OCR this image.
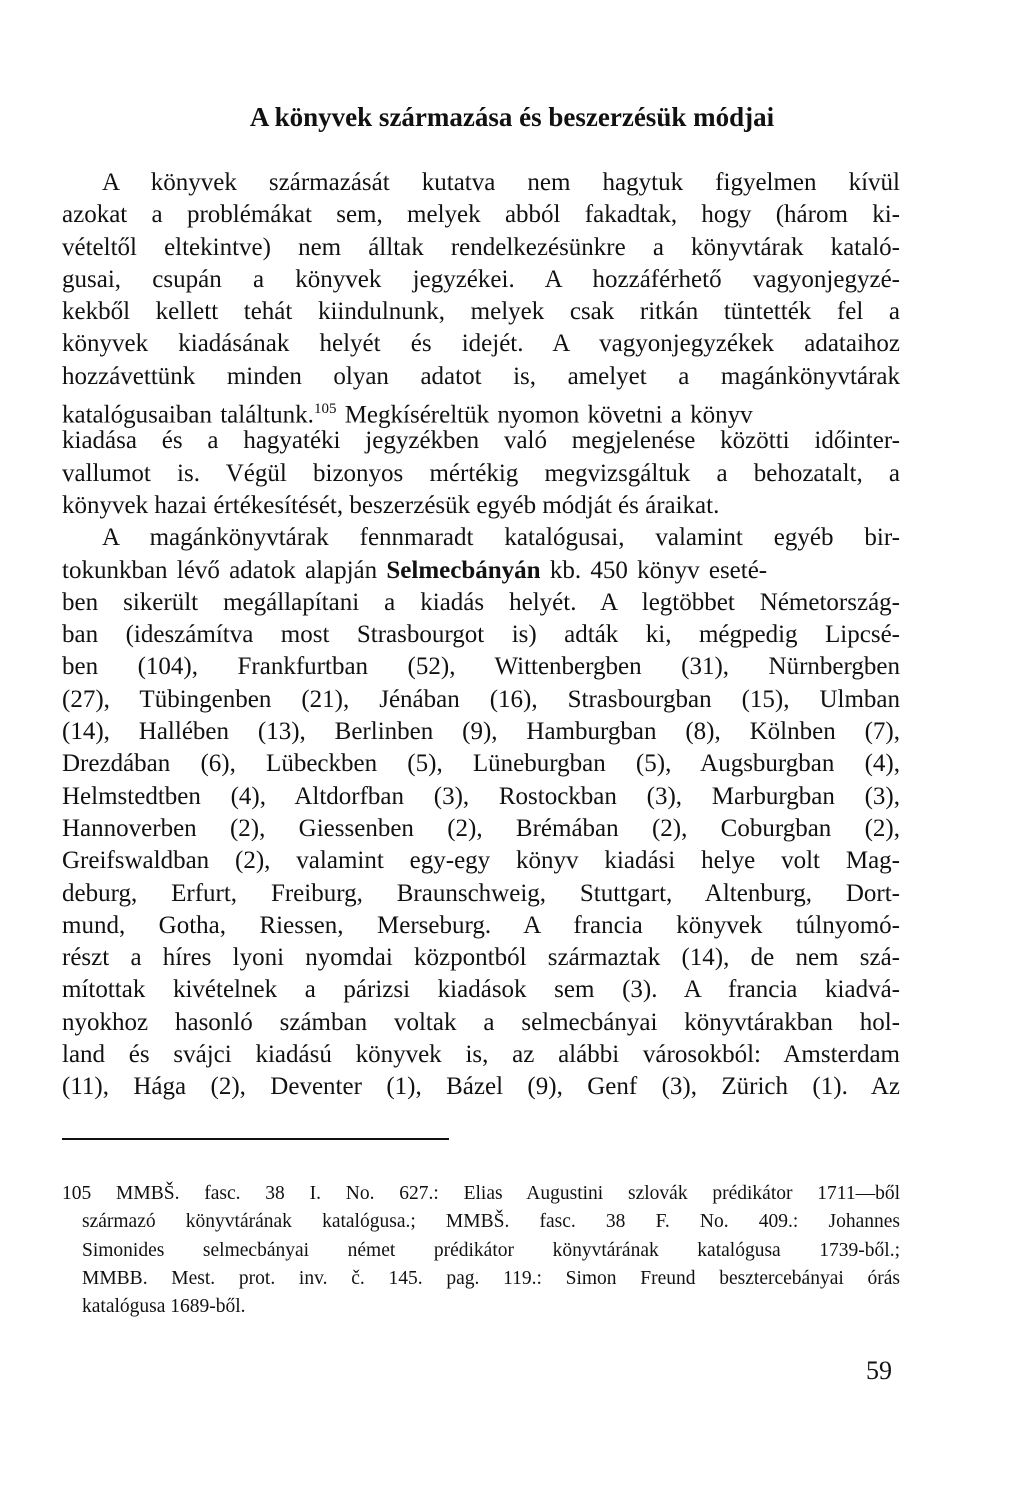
A könyvek származása és beszerzésük módjai
A könyvek származását kutatva nem hagytuk figyelmen kívül
azokat a problémákat sem, melyek abból fakadtak, hogy (három ki-
vételtől eltekintve) nem álltak rendelkezésünkre a könyvtárak kataló-
gusai, csupán a könyvek jegyzékei. A hozzáférhető vagyonjegyzé-
kekből kellett tehát kiindulnunk, melyek csak ritkán tüntették fel a
könyvek kiadásának helyét és idejét. A vagyonjegyzékek adataihoz
hozzávettünk minden olyan adatot is, amelyet a magánkönyvtárak
katalógusaiban találtunk.$^{105}$ Megkíséreltük nyomon követni a könyv
kiadása és a hagyatéki jegyzékben való megjelenése közötti időinter-
vallumot is. Végül bizonyos mértékig megvizsgáltuk a behozatalt, a
könyvek hazai értékesítését, beszerzésük egyéb módját és áraikat.
A magánkönyvtárak fennmaradt katalógusai, valamint egyéb bir-
tokunkban lévő adatok alapján Selmecbányán kb. 450 könyv eseté-
ben sikerült megállapítani a kiadás helyét. A legtöbbet Németország-
ban (ideszámítva most Strasbourgot is) adták ki, mégpedig Lipcsé-
ben (104), Frankfurtban (52), Wittenbergben (31), Nürnbergben
(27), Tübingenben (21), Jénában (16), Strasbourgban (15), Ulmban
(14), Hallében (13), Berlinben (9), Hamburgban (8), Kölnben (7),
Drezdában (6), Lübeckben (5), Lüneburgban (5), Augsburgban (4),
Helmstedtben (4), Altdorfban (3), Rostockban (3), Marburgban (3),
Hannoverben (2), Giessenben (2), Brémában (2), Coburgban (2),
Greifswaldban (2), valamint egy-egy könyv kiadási helye volt Mag-
deburg, Erfurt, Freiburg, Braunschweig, Stuttgart, Altenburg, Dort-
mund, Gotha, Riessen, Merseburg. A francia könyvek túlnyomó-
részt a híres lyoni nyomdai központból származtak (14), de nem szá-
mítottak kivételnek a párizsi kiadások sem (3). A francia kiadvá-
nyokhoz hasonló számban voltak a selmecbányai könyvtárakban hol-
land és svájci kiadású könyvek is, az alábbi városokból: Amsterdam
(11), Hága (2), Deventer (1), Bázel (9), Genf (3), Zürich (1). Az
105 MMBŠ. fasc. 38 I. No. 627.: Elias Augustini szlovák prédikátor 1711—ből
származó könyvtárának katalógusa.; MMBŠ. fasc. 38 F. No. 409.: Johannes
Simonides selmecbányai német prédikátor könyvtárának katalógusa 1739-ből.;
MMBB. Mest. prot. inv. č. 145. pag. 119.: Simon Freund besztercebányai órás
katalógusa 1689-ből.
59
